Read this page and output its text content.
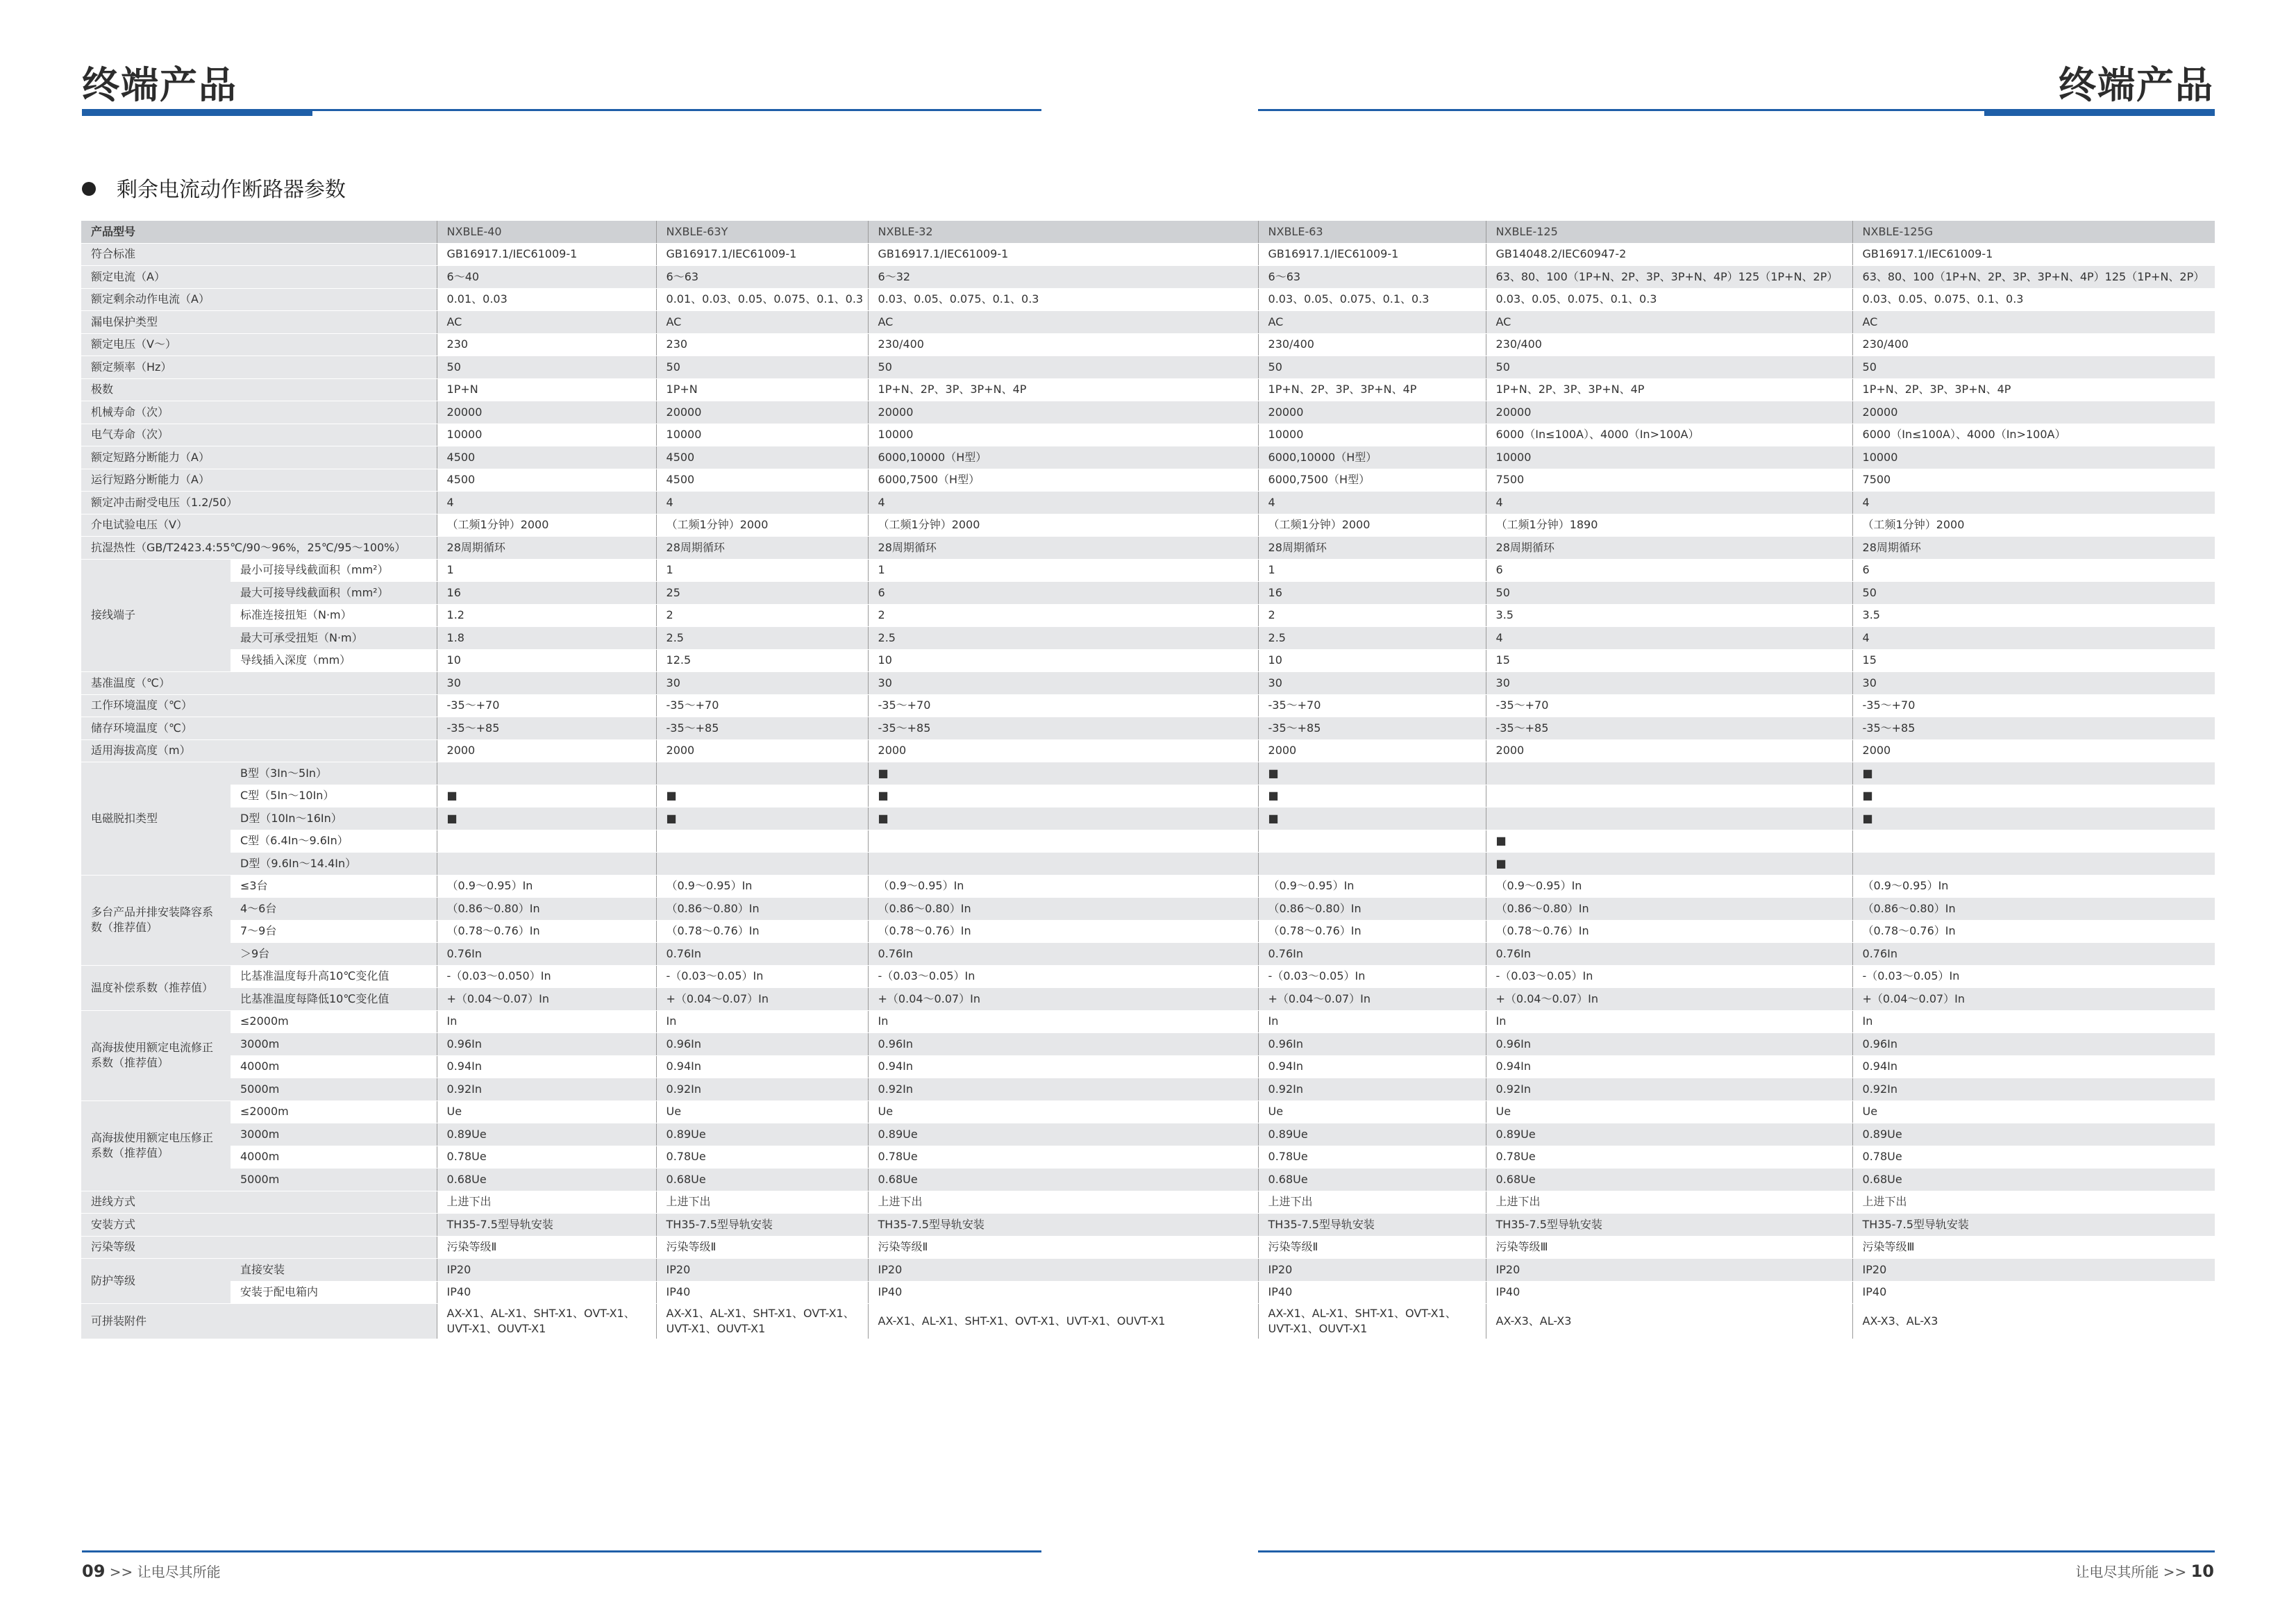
终端产品	终端产品
剩余电流动作断路器参数
产品型号		NXBLE-40	NXBLE-63Y	NXBLE-32	NXBLE-63	NXBLE-125	NXBLE-125G
符合标准		GB16917.1/IEC61009-1	GB16917.1/IEC61009-1	GB16917.1/IEC61009-1	GB16917.1/IEC61009-1	GB14048.2/IEC60947-2	GB16917.1/IEC61009-1
额定电流（A）		6～40	6～63	6～32	6～63	63、80、100（1P+N、2P、3P、3P+N、4P）125（1P+N、2P）	63、80、100（1P+N、2P、3P、3P+N、4P）125（1P+N、2P）
额定剩余动作电流（A）		0.01、0.03	0.01、0.03、0.05、0.075、0.1、0.3	0.03、0.05、0.075、0.1、0.3	0.03、0.05、0.075、0.1、0.3	0.03、0.05、0.075、0.1、0.3	0.03、0.05、0.075、0.1、0.3
漏电保护类型		AC	AC	AC	AC	AC	AC
额定电压（V～）		230	230	230/400	230/400	230/400	230/400
额定频率（Hz）		50	50	50	50	50	50
极数		1P+N	1P+N	1P+N、2P、3P、3P+N、4P	1P+N、2P、3P、3P+N、4P	1P+N、2P、3P、3P+N、4P	1P+N、2P、3P、3P+N、4P
机械寿命（次）		20000	20000	20000	20000	20000	20000
电气寿命（次）		10000	10000	10000	10000	6000（In≤100A）、4000（In>100A）	6000（In≤100A）、4000（In>100A）
额定短路分断能力（A）		4500	4500	6000,10000（H型）	6000,10000（H型）	10000	10000
运行短路分断能力（A）		4500	4500	6000,7500（H型）	6000,7500（H型）	7500	7500
额定冲击耐受电压（1.2/50）		4	4	4	4	4	4
介电试验电压（V）		（工频1分钟）2000	（工频1分钟）2000	（工频1分钟）2000	（工频1分钟）2000	（工频1分钟）1890	（工频1分钟）2000
抗湿热性（GB/T2423.4:55℃/90～96%，25℃/95～100%）		28周期循环	28周期循环	28周期循环	28周期循环	28周期循环	28周期循环
接线端子	最小可接导线截面积（mm²）	1	1	1	1	6	6
	最大可接导线截面积（mm²）	16	25	6	16	50	50
	标准连接扭矩（N·m）	1.2	2	2	2	3.5	3.5
	最大可承受扭矩（N·m）	1.8	2.5	2.5	2.5	4	4
	导线插入深度（mm）	10	12.5	10	10	15	15
基准温度（℃）		30	30	30	30	30	30
工作环境温度（℃）		-35～+70	-35～+70	-35～+70	-35～+70	-35～+70	-35～+70
储存环境温度（℃）		-35～+85	-35～+85	-35～+85	-35～+85	-35～+85	-35～+85
适用海拔高度（m）		2000	2000	2000	2000	2000	2000
电磁脱扣类型	B型（3In～5In）			■	■		■
	C型（5In～10In）	■	■	■	■		■
	D型（10In～16In）	■	■	■	■		■
	C型（6.4In～9.6In）					■	
	D型（9.6In～14.4In）					■	
多台产品并排安装降容系数（推荐值）	≤3台	（0.9～0.95）In	（0.9～0.95）In	（0.9～0.95）In	（0.9～0.95）In	（0.9～0.95）In	（0.9～0.95）In
	4～6台	（0.86～0.80）In	（0.86～0.80）In	（0.86～0.80）In	（0.86～0.80）In	（0.86～0.80）In	（0.86～0.80）In
	7～9台	（0.78～0.76）In	（0.78～0.76）In	（0.78～0.76）In	（0.78～0.76）In	（0.78～0.76）In	（0.78～0.76）In
	＞9台	0.76In	0.76In	0.76In	0.76In	0.76In	0.76In
温度补偿系数（推荐值）	比基准温度每升高10℃变化值	-（0.03～0.050）In	-（0.03～0.05）In	-（0.03～0.05）In	-（0.03～0.05）In	-（0.03～0.05）In	-（0.03～0.05）In
	比基准温度每降低10℃变化值	+（0.04～0.07）In	+（0.04～0.07）In	+（0.04～0.07）In	+（0.04～0.07）In	+（0.04～0.07）In	+（0.04～0.07）In
高海拔使用额定电流修正系数（推荐值）	≤2000m	In	In	In	In	In	In
	3000m	0.96In	0.96In	0.96In	0.96In	0.96In	0.96In
	4000m	0.94In	0.94In	0.94In	0.94In	0.94In	0.94In
	5000m	0.92In	0.92In	0.92In	0.92In	0.92In	0.92In
高海拔使用额定电压修正系数（推荐值）	≤2000m	Ue	Ue	Ue	Ue	Ue	Ue
	3000m	0.89Ue	0.89Ue	0.89Ue	0.89Ue	0.89Ue	0.89Ue
	4000m	0.78Ue	0.78Ue	0.78Ue	0.78Ue	0.78Ue	0.78Ue
	5000m	0.68Ue	0.68Ue	0.68Ue	0.68Ue	0.68Ue	0.68Ue
进线方式		上进下出	上进下出	上进下出	上进下出	上进下出	上进下出
安装方式		TH35-7.5型导轨安装	TH35-7.5型导轨安装	TH35-7.5型导轨安装	TH35-7.5型导轨安装	TH35-7.5型导轨安装	TH35-7.5型导轨安装
污染等级		污染等级Ⅱ	污染等级Ⅱ	污染等级Ⅱ	污染等级Ⅱ	污染等级Ⅲ	污染等级Ⅲ
防护等级	直接安装	IP20	IP20	IP20	IP20	IP20	IP20
	安装于配电箱内	IP40	IP40	IP40	IP40	IP40	IP40
可拼装附件		AX-X1、AL-X1、SHT-X1、OVT-X1、UVT-X1、OUVT-X1	AX-X1、AL-X1、SHT-X1、OVT-X1、UVT-X1、OUVT-X1	AX-X1、AL-X1、SHT-X1、OVT-X1、UVT-X1、OUVT-X1	AX-X1、AL-X1、SHT-X1、OVT-X1、UVT-X1、OUVT-X1	AX-X3、AL-X3	AX-X3、AL-X3
09 >> 让电尽其所能	让电尽其所能 >> 10
